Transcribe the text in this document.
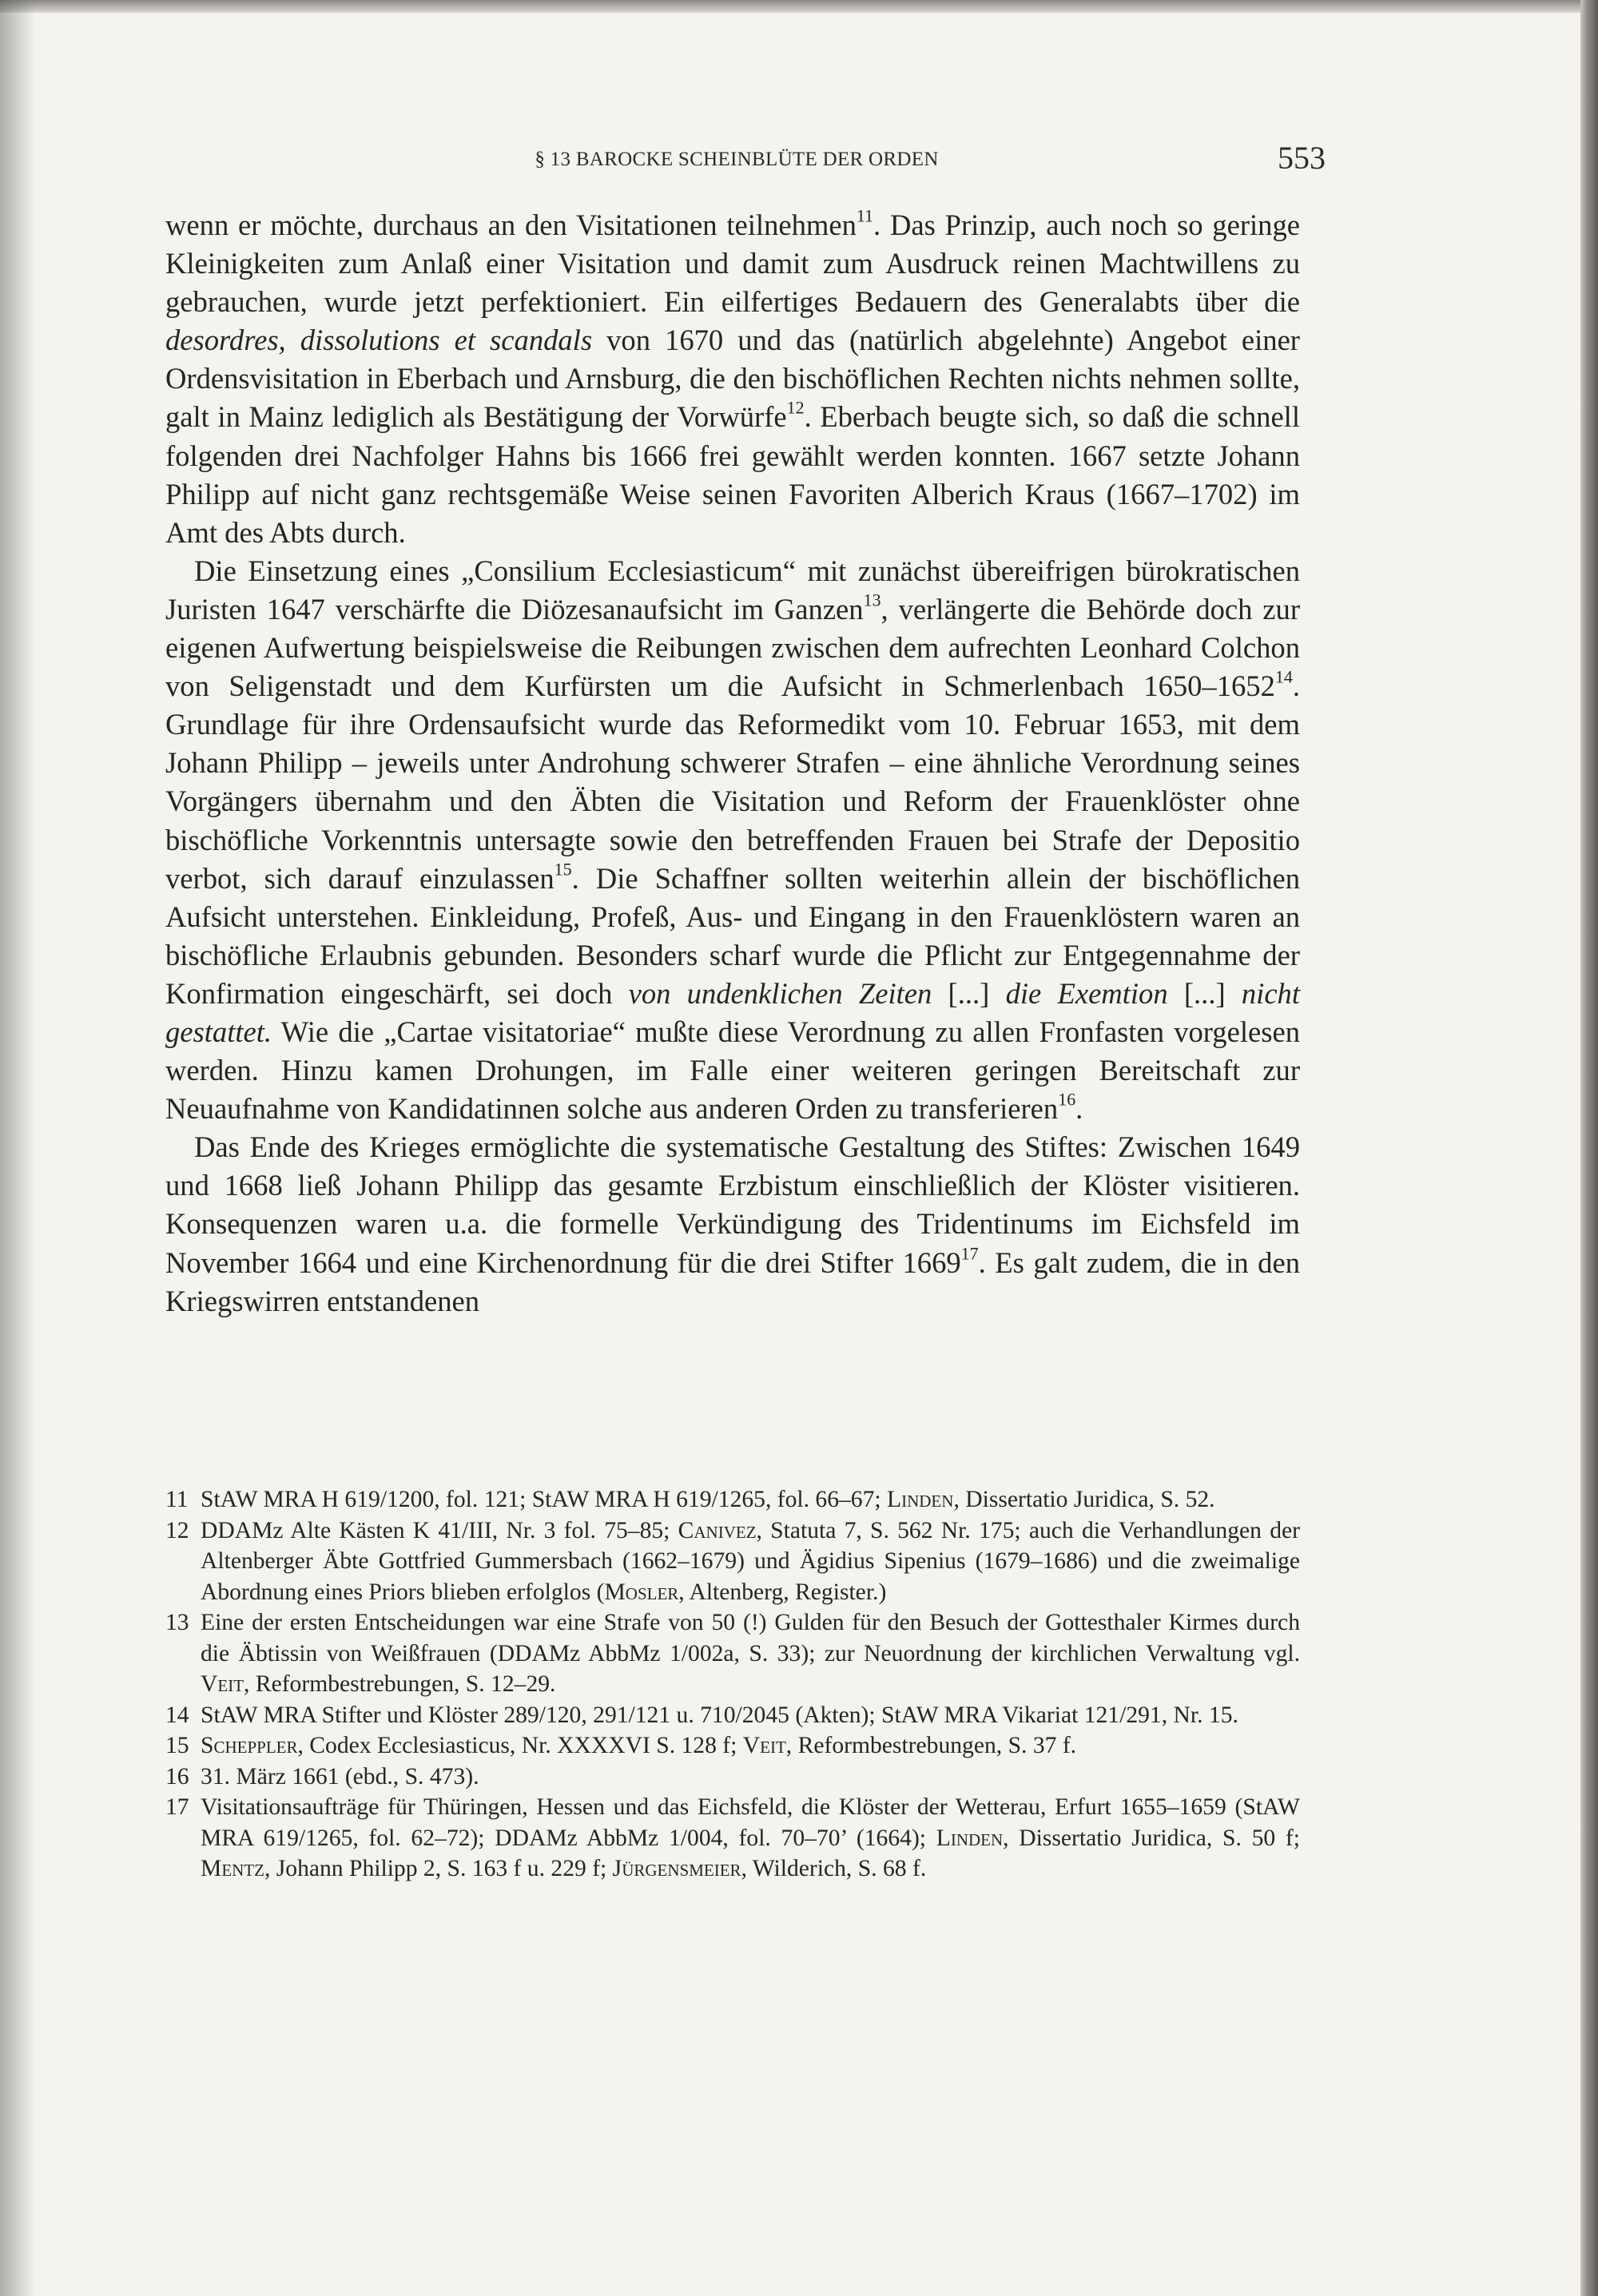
§ 13 BAROCKE SCHEINBLÜTE DER ORDEN	553

wenn er möchte, durchaus an den Visitationen teilnehmen$^{11}$. Das Prinzip, auch noch so geringe Kleinigkeiten zum Anlaß einer Visitation und damit zum Ausdruck reinen Machtwillens zu gebrauchen, wurde jetzt perfektioniert. Ein eilfertiges Bedauern des Generalabts über die desordres, dissolutions et scandals von 1670 und das (natürlich abgelehnte) Angebot einer Ordensvisitation in Eberbach und Arnsburg, die den bischöflichen Rechten nichts nehmen sollte, galt in Mainz lediglich als Bestätigung der Vorwürfe$^{12}$. Eberbach beugte sich, so daß die schnell folgenden drei Nachfolger Hahns bis 1666 frei gewählt werden konnten. 1667 setzte Johann Philipp auf nicht ganz rechtsgemäße Weise seinen Favoriten Alberich Kraus (1667–1702) im Amt des Abts durch.

Die Einsetzung eines „Consilium Ecclesiasticum“ mit zunächst übereifrigen bürokratischen Juristen 1647 verschärfte die Diözesanaufsicht im Ganzen$^{13}$, verlängerte die Behörde doch zur eigenen Aufwertung beispielsweise die Reibungen zwischen dem aufrechten Leonhard Colchon von Seligenstadt und dem Kurfürsten um die Aufsicht in Schmerlenbach 1650–1652$^{14}$. Grundlage für ihre Ordensaufsicht wurde das Reformedikt vom 10. Februar 1653, mit dem Johann Philipp – jeweils unter Androhung schwerer Strafen – eine ähnliche Verordnung seines Vorgängers übernahm und den Äbten die Visitation und Reform der Frauenklöster ohne bischöfliche Vorkenntnis untersagte sowie den betreffenden Frauen bei Strafe der Depositio verbot, sich darauf einzulassen$^{15}$. Die Schaffner sollten weiterhin allein der bischöflichen Aufsicht unterstehen. Einkleidung, Profeß, Aus- und Eingang in den Frauenklöstern waren an bischöfliche Erlaubnis gebunden. Besonders scharf wurde die Pflicht zur Entgegennahme der Konfirmation eingeschärft, sei doch von undenklichen Zeiten [...] die Exemtion [...] nicht gestattet. Wie die „Cartae visitatoriae“ mußte diese Verordnung zu allen Fronfasten vorgelesen werden. Hinzu kamen Drohungen, im Falle einer weiteren geringen Bereitschaft zur Neuaufnahme von Kandidatinnen solche aus anderen Orden zu transferieren$^{16}$.

Das Ende des Krieges ermöglichte die systematische Gestaltung des Stiftes: Zwischen 1649 und 1668 ließ Johann Philipp das gesamte Erzbistum einschließlich der Klöster visitieren. Konsequenzen waren u.a. die formelle Verkündigung des Tridentinums im Eichsfeld im November 1664 und eine Kirchenordnung für die drei Stifter 1669$^{17}$. Es galt zudem, die in den Kriegswirren entstandenen

11 StAW MRA H 619/1200, fol. 121; StAW MRA H 619/1265, fol. 66–67; Linden, Dissertatio Juridica, S. 52.
12 DDAMz Alte Kästen K 41/III, Nr. 3 fol. 75–85; Canivez, Statuta 7, S. 562 Nr. 175; auch die Verhandlungen der Altenberger Äbte Gottfried Gummersbach (1662–1679) und Ägidius Sipenius (1679–1686) und die zweimalige Abordnung eines Priors blieben erfolglos (Mosler, Altenberg, Register.)
13 Eine der ersten Entscheidungen war eine Strafe von 50 (!) Gulden für den Besuch der Gottesthaler Kirmes durch die Äbtissin von Weißfrauen (DDAMz AbbMz 1/002a, S. 33); zur Neuordnung der kirchlichen Verwaltung vgl. Veit, Reformbestrebungen, S. 12–29.
14 StAW MRA Stifter und Klöster 289/120, 291/121 u. 710/2045 (Akten); StAW MRA Vikariat 121/291, Nr. 15.
15 Scheppler, Codex Ecclesiasticus, Nr. XXXXVI S. 128 f; Veit, Reformbestrebungen, S. 37 f.
16 31. März 1661 (ebd., S. 473).
17 Visitationsaufträge für Thüringen, Hessen und das Eichsfeld, die Klöster der Wetterau, Erfurt 1655–1659 (StAW MRA 619/1265, fol. 62–72); DDAMz AbbMz 1/004, fol. 70–70’ (1664); Linden, Dissertatio Juridica, S. 50 f; Mentz, Johann Philipp 2, S. 163 f u. 229 f; Jürgensmeier, Wilderich, S. 68 f.
